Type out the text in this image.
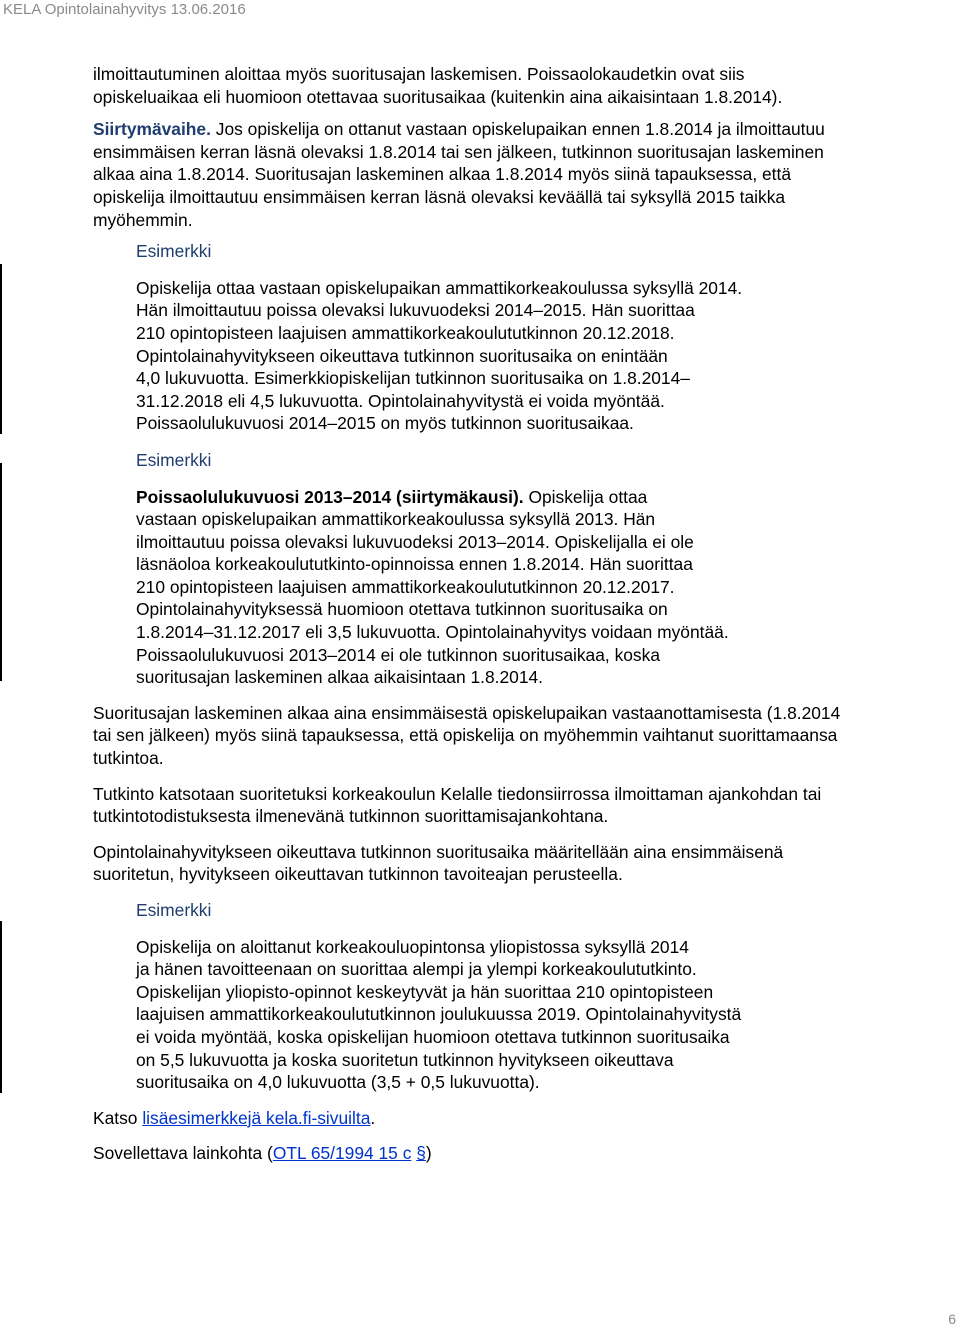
KELA Opintolainahyvitys 13.06.2016

ilmoittautuminen aloittaa myös suoritusajan laskemisen. Poissaolokaudetkin ovat siis
opiskeluaikaa eli huomioon otettavaa suoritusaikaa (kuitenkin aina aikaisintaan 1.8.2014).

Siirtymävaihe. Jos opiskelija on ottanut vastaan opiskelupaikan ennen 1.8.2014 ja ilmoittautuu
ensimmäisen kerran läsnä olevaksi 1.8.2014 tai sen jälkeen, tutkinnon suoritusajan laskeminen
alkaa aina 1.8.2014. Suoritusajan laskeminen alkaa 1.8.2014 myös siinä tapauksessa, että
opiskelija ilmoittautuu ensimmäisen kerran läsnä olevaksi keväällä tai syksyllä 2015 taikka
myöhemmin.

Esimerkki

Opiskelija ottaa vastaan opiskelupaikan ammattikorkeakoulussa syksyllä 2014.
Hän ilmoittautuu poissa olevaksi lukuvuodeksi 2014–2015. Hän suorittaa
210 opintopisteen laajuisen ammattikorkeakoulututkinnon 20.12.2018.
Opintolainahyvitykseen oikeuttava tutkinnon suoritusaika on enintään
4,0 lukuvuotta. Esimerkkiopiskelijan tutkinnon suoritusaika on 1.8.2014–
31.12.2018 eli 4,5 lukuvuotta. Opintolainahyvitystä ei voida myöntää.
Poissaolulukuvuosi 2014–2015 on myös tutkinnon suoritusaikaa.

Esimerkki

Poissaolulukuvuosi 2013–2014 (siirtymäkausi). Opiskelija ottaa
vastaan opiskelupaikan ammattikorkeakoulussa syksyllä 2013. Hän
ilmoittautuu poissa olevaksi lukuvuodeksi 2013–2014. Opiskelijalla ei ole
läsnäoloa korkeakoulututkinto-opinnoissa ennen 1.8.2014. Hän suorittaa
210 opintopisteen laajuisen ammattikorkeakoulututkinnon 20.12.2017.
Opintolainahyvityksessä huomioon otettava tutkinnon suoritusaika on
1.8.2014–31.12.2017 eli 3,5 lukuvuotta. Opintolainahyvitys voidaan myöntää.
Poissaolulukuvuosi 2013–2014 ei ole tutkinnon suoritusaikaa, koska
suoritusajan laskeminen alkaa aikaisintaan 1.8.2014.

Suoritusajan laskeminen alkaa aina ensimmäisestä opiskelupaikan vastaanottamisesta (1.8.2014
tai sen jälkeen) myös siinä tapauksessa, että opiskelija on myöhemmin vaihtanut suorittamaansa
tutkintoa.

Tutkinto katsotaan suoritetuksi korkeakoulun Kelalle tiedonsiirrossa ilmoittaman ajankohdan tai
tutkintotodistuksesta ilmenevänä tutkinnon suorittamisajankohtana.

Opintolainahyvitykseen oikeuttava tutkinnon suoritusaika määritellään aina ensimmäisenä
suoritetun, hyvitykseen oikeuttavan tutkinnon tavoiteajan perusteella.

Esimerkki

Opiskelija on aloittanut korkeakouluopintonsa yliopistossa syksyllä 2014
ja hänen tavoitteenaan on suorittaa alempi ja ylempi korkeakoulututkinto.
Opiskelijan yliopisto-opinnot keskeytyvät ja hän suorittaa 210 opintopisteen
laajuisen ammattikorkeakoulututkinnon joulukuussa 2019. Opintolainahyvitystä
ei voida myöntää, koska opiskelijan huomioon otettava tutkinnon suoritusaika
on 5,5 lukuvuotta ja koska suoritetun tutkinnon hyvitykseen oikeuttava
suoritusaika on 4,0 lukuvuotta (3,5 + 0,5 lukuvuotta).

Katso lisäesimerkkejä kela.fi-sivuilta.

Sovellettava lainkohta (OTL 65/1994 15 c §)

6
